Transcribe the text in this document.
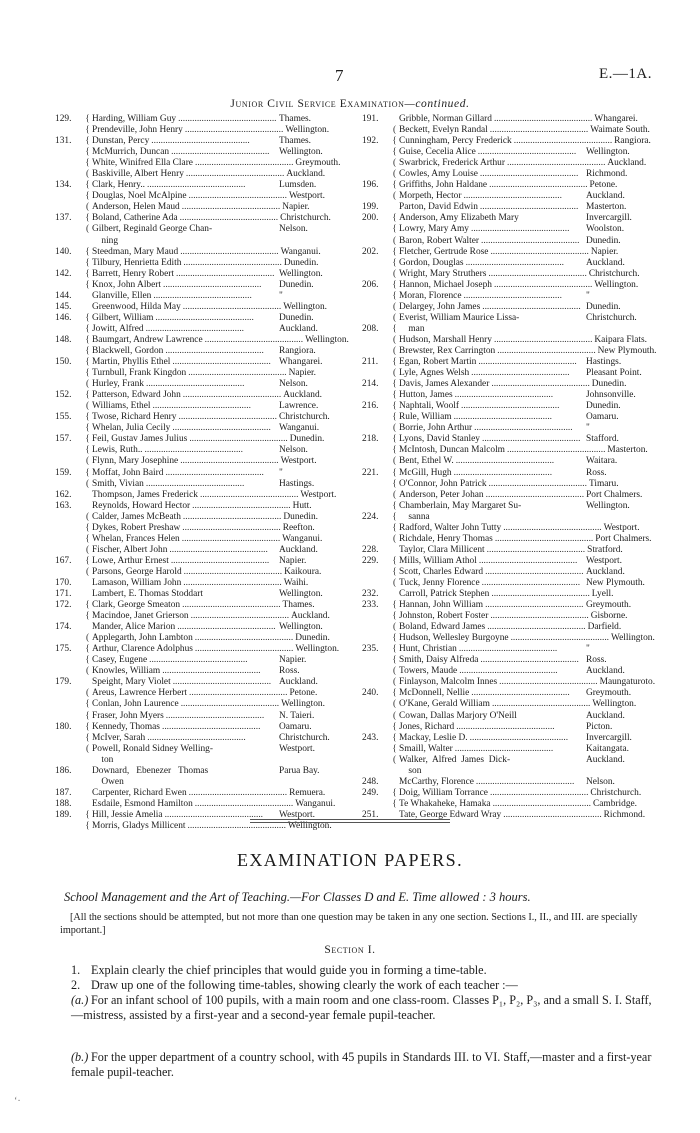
7	E.—1A.
Junior Civil Service Examination—continued.
129.	{ Harding, William Guy .......................................... Thames.
{ Prendeville, John Henry .......................................... Wellington.
131.	{ Dunstan, Percy ..........................................	Thames.
{ McMurrich, Duncan ..........................................	Wellington.
{ White, Winifred Ella Clare .......................................... Greymouth.
( Baskiville, Albert Henry .......................................... Auckland.
134.	{ Clark, Henry.. ..........................................	Lumsden.
{ Douglas, Noel McAlpine .......................................... Westport.
( Anderson, Helen Maud .......................................... Napier.
137.	{ Boland, Catherine Ada .......................................... Christchurch.
( Gilbert, Reginald George Chan-	Nelson.
ning
140.	{ Steedman, Mary Maud .......................................... Wanganui.
{ Tilbury, Henrietta Edith .......................................... Dunedin.
142.	{ Barrett, Henry Robert .......................................... Wellington.
{ Knox, John Albert ..........................................	Dunedin.
144.	Glanville, Ellen ..........................................	"
145.	Greenwood, Hilda May .......................................... Wellington.
146.	{ Gilbert, William ..........................................	Dunedin.
{ Jowitt, Alfred ..........................................	Auckland.
148.	{ Baumgart, Andrew Lawrence .......................................... Wellington.
{ Blackwell, Gordon ..........................................	Rangiora.
150.	{ Martin, Phyllis Ethel .......................................... Whangarei.
{ Turnbull, Frank Kingdon .......................................... Napier.
( Hurley, Frank ..........................................	Nelson.
152.	{ Patterson, Edward John .......................................... Auckland.
( Williams, Ethel ..........................................	Lawrence.
155.	{ Twose, Richard Henry .......................................... Christchurch.
{ Whelan, Julia Cecily .......................................... Wanganui.
157.	{ Feil, Gustav James Julius .......................................... Dunedin.
{ Lewis, Ruth.. ..........................................	Nelson.
( Flynn, Mary Josephine .......................................... Westport.
159.	{ Moffat, John Baird ..........................................	"
( Smith, Vivian ..........................................	Hastings.
162.	Thompson, James Frederick .......................................... Westport.
163.	Reynolds, Howard Hector .......................................... Hutt.
( Calder, James McBeath .......................................... Dunedin.
{ Dykes, Robert Preshaw .......................................... Reefton.
{ Whelan, Frances Helen .......................................... Wanganui.
( Fischer, Albert John ..........................................	Auckland.
167.	{ Lowe, Arthur Ernest ..........................................	Napier.
( Parsons, George Harold .......................................... Kaikoura.
170.	Lamason, William John .......................................... Waihi.
171.	Lambert, E. Thomas Stoddart	Wellington.
172.	{ Clark, George Smeaton .......................................... Thames.
{ Macindoe, Janet Grierson .......................................... Auckland.
174.	Mander, Alice Marion .......................................... Wellington.
( Applegarth, John Lambton .......................................... Dunedin.
175.	{ Arthur, Clarence Adolphus .......................................... Wellington.
{ Casey, Eugene ..........................................	Napier.
( Knowles, William ..........................................	Ross.
179.	Speight, Mary Violet .......................................... Auckland.
( Areus, Lawrence Herbert .......................................... Petone.
{ Conlan, John Laurence .......................................... Wellington.
{ Fraser, John Myers ..........................................	N. Taieri.
180.	{ Kennedy, Thomas ..........................................	Oamaru.
{ McIver, Sarah ..........................................	Christchurch.
( Powell, Ronald Sidney Welling-	Westport.
ton
186.	Downard,   Ebenezer   Thomas	Parua Bay.
Owen
187.	Carpenter, Richard Ewen .......................................... Remuera.
188.	Esdaile, Esmond Hamilton .......................................... Wanganui.
189.	{ Hill, Jessie Amelia ..........................................	Westport.
{ Morris, Gladys Millicent .......................................... Wellington.
191.	Gribble, Norman Gillard .......................................... Whangarei.
( Beckett, Evelyn Randal .......................................... Waimate South.
192.	{ Cunningham, Percy Frederick .......................................... Rangiora.
{ Guise, Cecelia Alice ..........................................	Wellington.
( Swarbrick, Frederick Arthur .......................................... Auckland.
( Cowles, Amy Louise .......................................... Richmond.
196.	{ Griffiths, John Haldane .......................................... Petone.
( Morpeth, Hector ..........................................	Auckland.
199.	Parton, David Edwin .......................................... Masterton.
200.	{ Anderson, Amy Elizabeth Mary	Invercargill.
{ Lowry, Mary Amy ..........................................	Woolston.
( Baron, Robert Walter .......................................... Dunedin.
202.	{ Fletcher, Gertrude Rose .......................................... Napier.
{ Gordon, Douglas ..........................................	Auckland.
( Wright, Mary Struthers .......................................... Christchurch.
206.	{ Hannon, Michael Joseph .......................................... Wellington.
{ Moran, Florence ..........................................	"
( Delargey, John James .......................................... Dunedin.
( Everist, William Maurice Lissa-	Christchurch.
208.	{ man
( Hudson, Marshall Henry .......................................... Kaipara Flats.
( Brewster, Rex Carrington .......................................... New Plymouth.
211.	{ Egan, Robert Martin .......................................... Hastings.
( Lyle, Agnes Welsh ..........................................	Pleasant Point.
214.	{ Davis, James Alexander .......................................... Dunedin.
{ Hutton, James ..........................................	Johnsonville.
216.	{ Naphtali, Woolf ..........................................	Dunedin.
{ Rule, William ..........................................	Oamaru.
( Borrie, John Arthur ..........................................	"
218.	{ Lyons, David Stanley .......................................... Stafford.
{ McIntosh, Duncan Malcolm .......................................... Masterton.
( Bent, Ethel W. ..........................................	Waitara.
221.	{ McGill, Hugh ..........................................	Ross.
{ O'Connor, John Patrick .......................................... Timaru.
( Anderson, Peter Johan .......................................... Port Chalmers.
{ Chamberlain, May Margaret Su-	Wellington.
224.	{ sanna
{ Radford, Walter John Tutty .......................................... Westport.
( Richdale, Henry Thomas .......................................... Port Chalmers.
228.	Taylor, Clara Millicent .......................................... Stratford.
229.	{ Mills, William Athol .......................................... Westport.
{ Scott, Charles Edward .......................................... Auckland.
( Tuck, Jenny Florence .......................................... New Plymouth.
232.	Carroll, Patrick Stephen .......................................... Lyell.
233.	{ Hannan, John William .......................................... Greymouth.
{ Johnston, Robert Foster .......................................... Gisborne.
( Boland, Edward James .......................................... Darfield.
{ Hudson, Wellesley Burgoyne .......................................... Wellington.
235.	{ Hunt, Christian ..........................................	"
{ Smith, Daisy Alfreda .......................................... Ross.
( Towers, Maude ..........................................	Auckland.
( Finlayson, Malcolm Innes .......................................... Maungaturoto.
240.	{ McDonnell, Nellie ..........................................	Greymouth.
( O'Kane, Gerald William .......................................... Wellington.
( Cowan, Dallas Marjory O'Neill	Auckland.
{ Jones, Richard ..........................................	Picton.
243.	{ Mackay, Leslie D. ..........................................	Invercargill.
{ Smaill, Walter ..........................................	Kaitangata.
( Walker,  Alfred  James  Dick-	Auckland.
son
248.	McCarthy, Florence ..........................................	Nelson.
249.	{ Doig, William Torrance .......................................... Christchurch.
{ Te Whakaheke, Hamaka .......................................... Cambridge.
251.	Tate, George Edward Wray .......................................... Richmond.
EXAMINATION PAPERS.
School Management and the Art of Teaching.—For Classes D and E. Time allowed : 3 hours.
[All the sections should be attempted, but not more than one question may be taken in any one section. Sections I., II., and III. are specially important.]
Section I.
1. Explain clearly the chief principles that would guide you in forming a time-table.
2. Draw up one of the following time-tables, showing clearly the work of each teacher :—
(a.) For an infant school of 100 pupils, with a main room and one class-room. Classes P₁, P₂, P₃, and a small S. I. Staff,—mistress, assisted by a first-year and a second-year female pupil-teacher.
(b.) For the upper department of a country school, with 45 pupils in Standards III. to VI. Staff,—master and a first-year female pupil-teacher.
‘·
